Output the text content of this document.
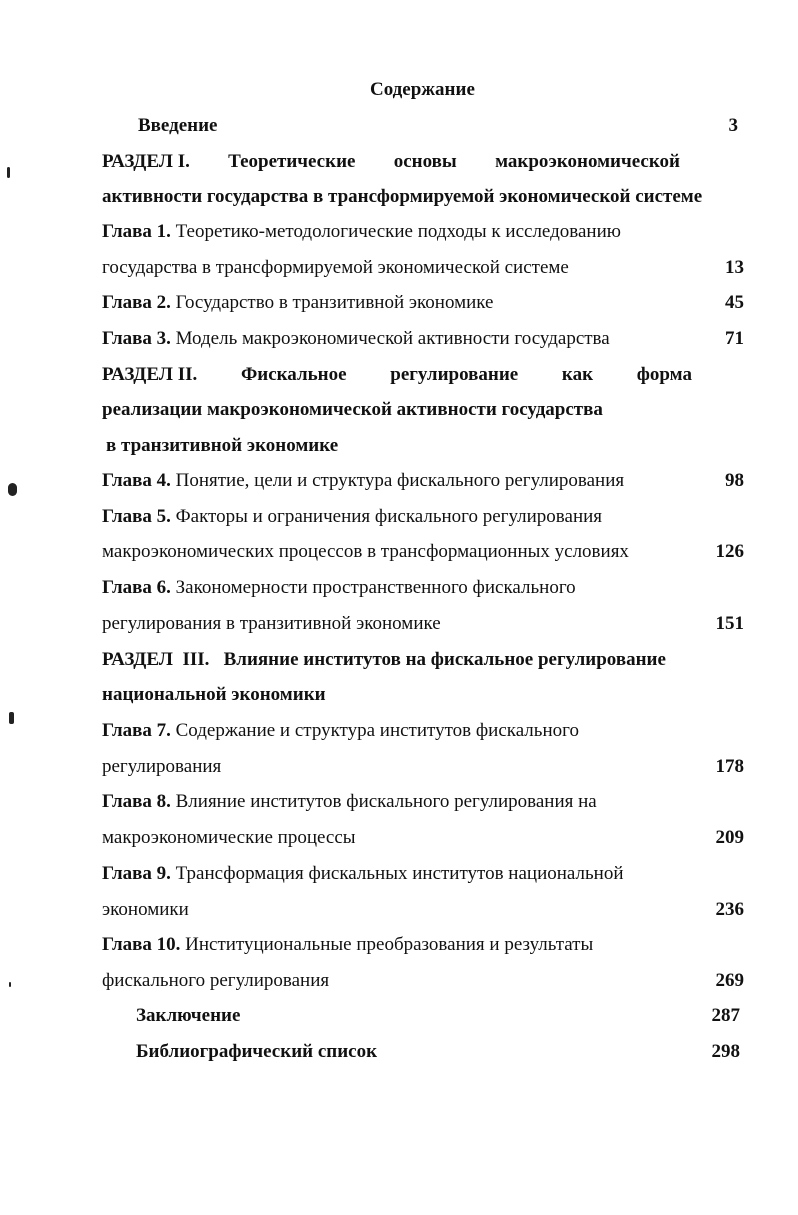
Содержание
Введение	3
РАЗДЕЛ I. Теоретические основы макроэкономической
активности государства в трансформируемой экономической системе
Глава 1. Теоретико-методологические подходы к исследованию
государства в трансформируемой экономической системе	13
Глава 2. Государство в транзитивной экономике	45
Глава 3. Модель макроэкономической активности государства	71
РАЗДЕЛ II. Фискальное регулирование как форма
реализации макроэкономической активности государства
в транзитивной экономике
Глава 4. Понятие, цели и структура фискального регулирования	98
Глава 5. Факторы и ограничения фискального регулирования
макроэкономических процессов в трансформационных условиях	126
Глава 6. Закономерности пространственного фискального
регулирования в транзитивной экономике	151
РАЗДЕЛ  III.   Влияние институтов на фискальное регулирование
национальной экономики
Глава 7. Содержание и структура институтов фискального
регулирования	178
Глава 8. Влияние институтов фискального регулирования на
макроэкономические процессы	209
Глава 9. Трансформация фискальных институтов национальной
экономики	236
Глава 10. Институциональные преобразования и результаты
фискального регулирования	269
Заключение	287
Библиографический список	298
